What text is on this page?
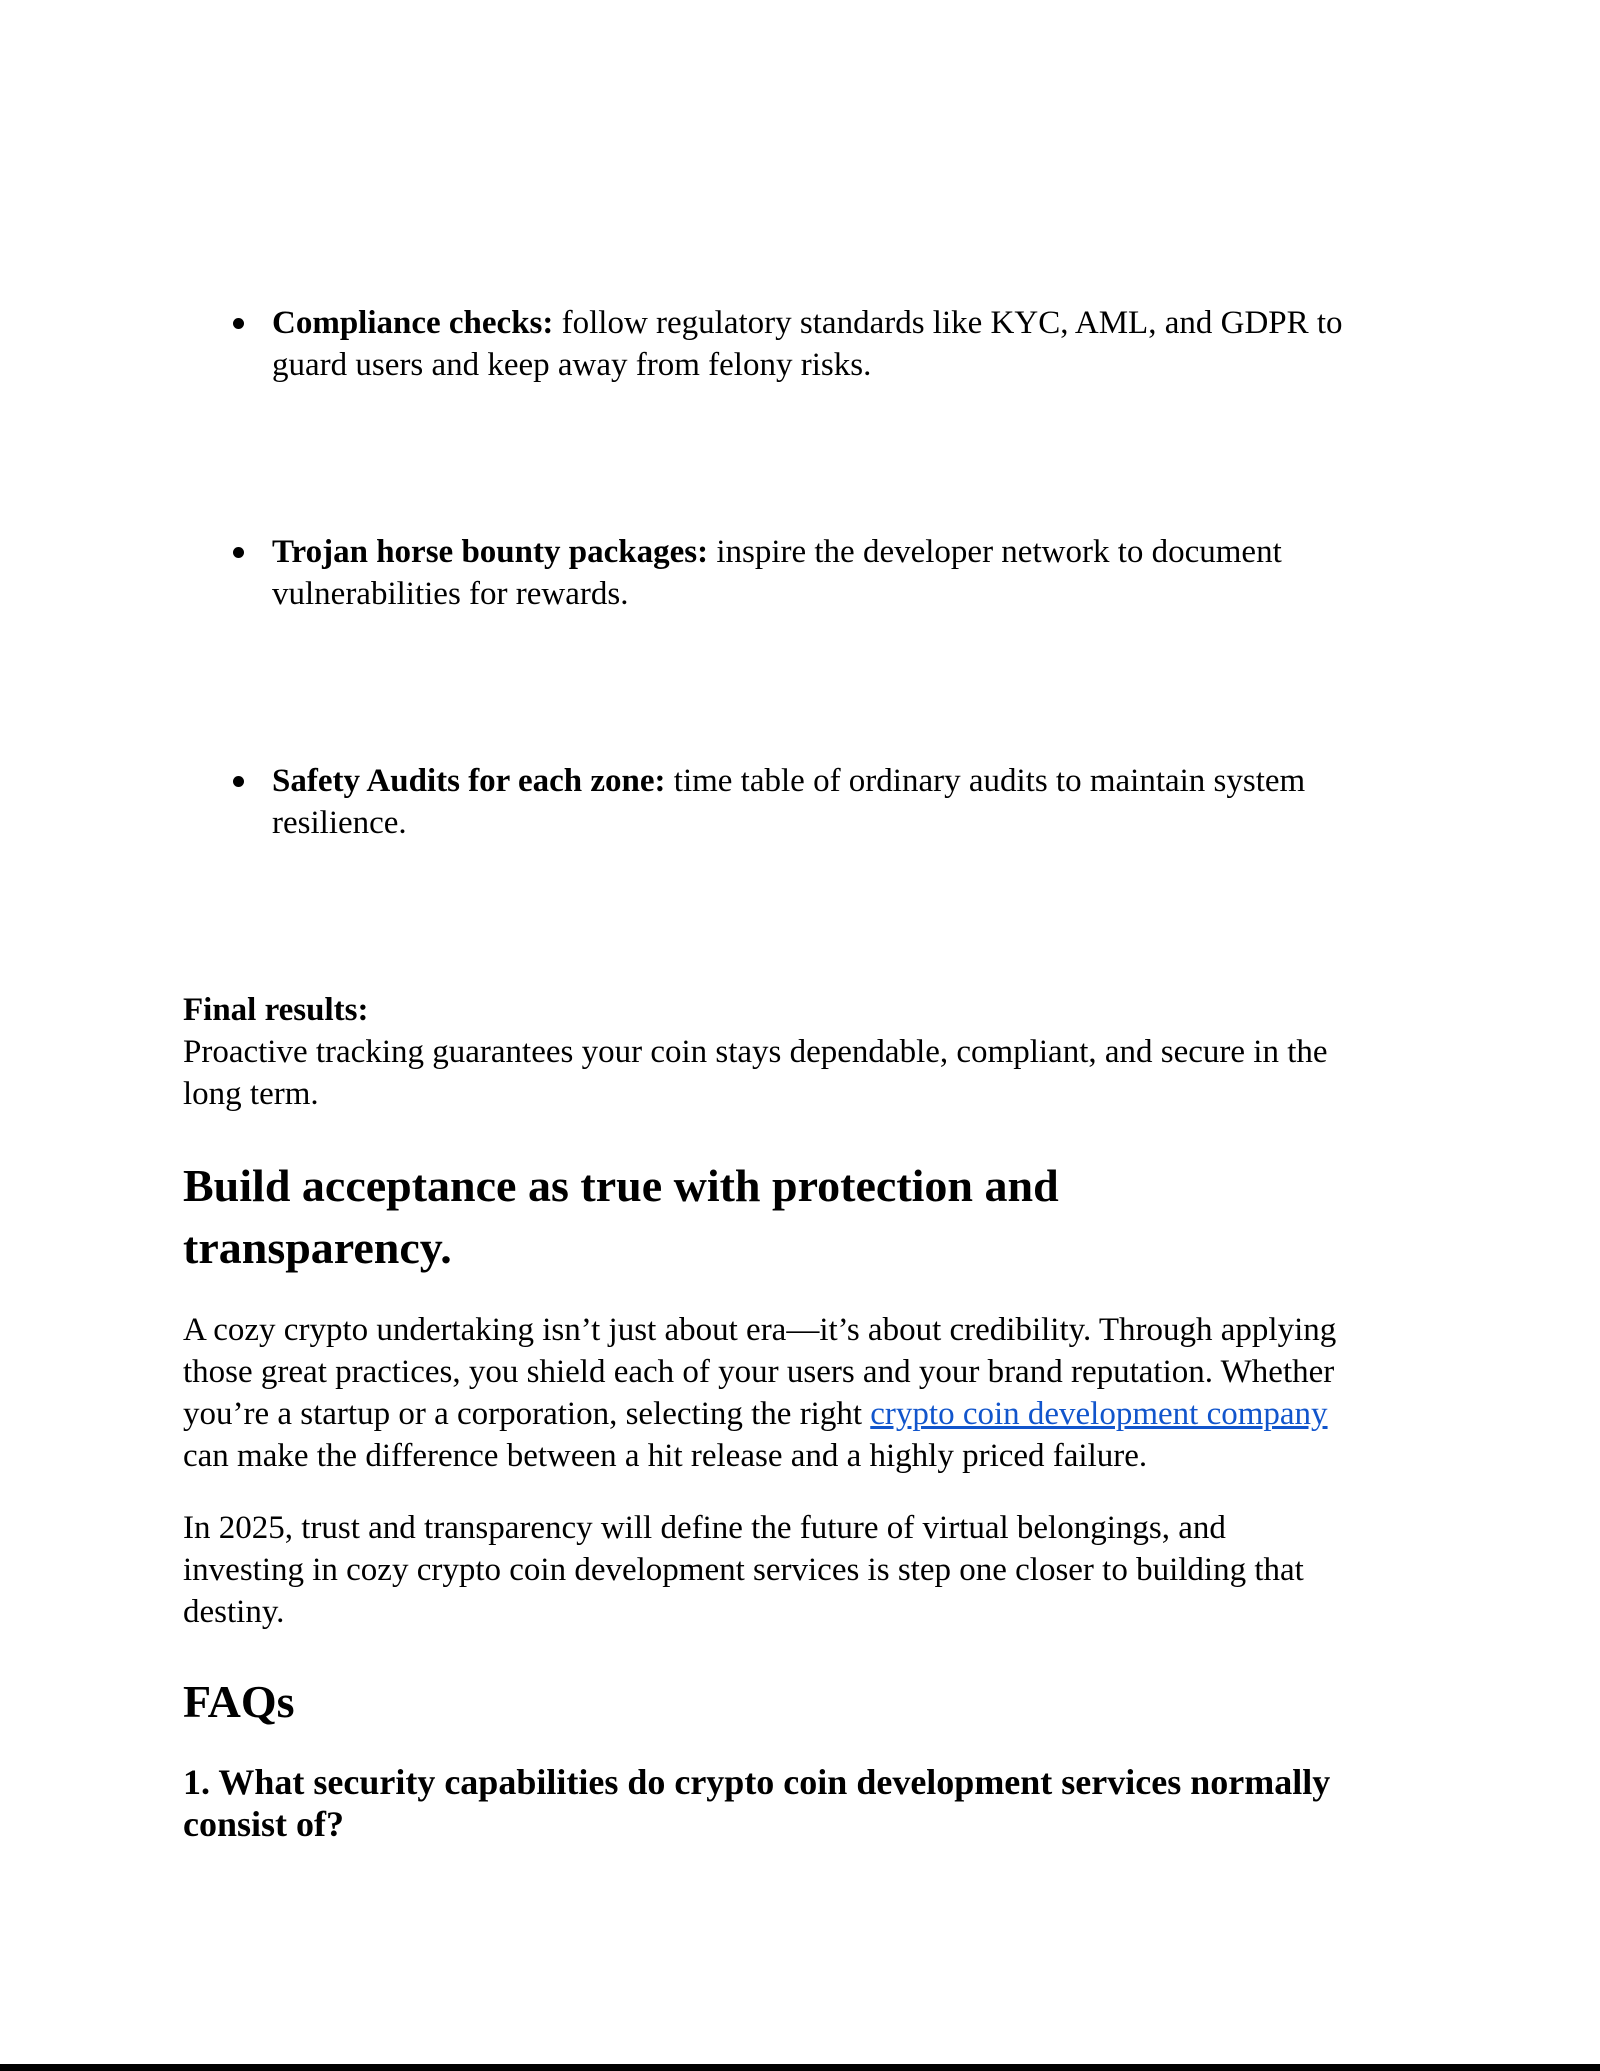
Compliance checks: follow regulatory standards like KYC, AML, and GDPR to
guard users and keep away from felony risks.
Trojan horse bounty packages: inspire the developer network to document
vulnerabilities for rewards.
Safety Audits for each zone: time table of ordinary audits to maintain system
resilience.

Final results:

Proactive tracking guarantees your coin stays dependable, compliant, and secure in the
long term.

Build acceptance as true with protection and
transparency.

A cozy crypto undertaking isn’t just about era—it’s about credibility. Through applying
those great practices, you shield each of your users and your brand reputation. Whether
you’re a startup or a corporation, selecting the right crypto coin development company
can make the difference between a hit release and a highly priced failure.

In 2025, trust and transparency will define the future of virtual belongings, and
investing in cozy crypto coin development services is step one closer to building that
destiny.

FAQs
1. What security capabilities do crypto coin development services normally
consist of?
